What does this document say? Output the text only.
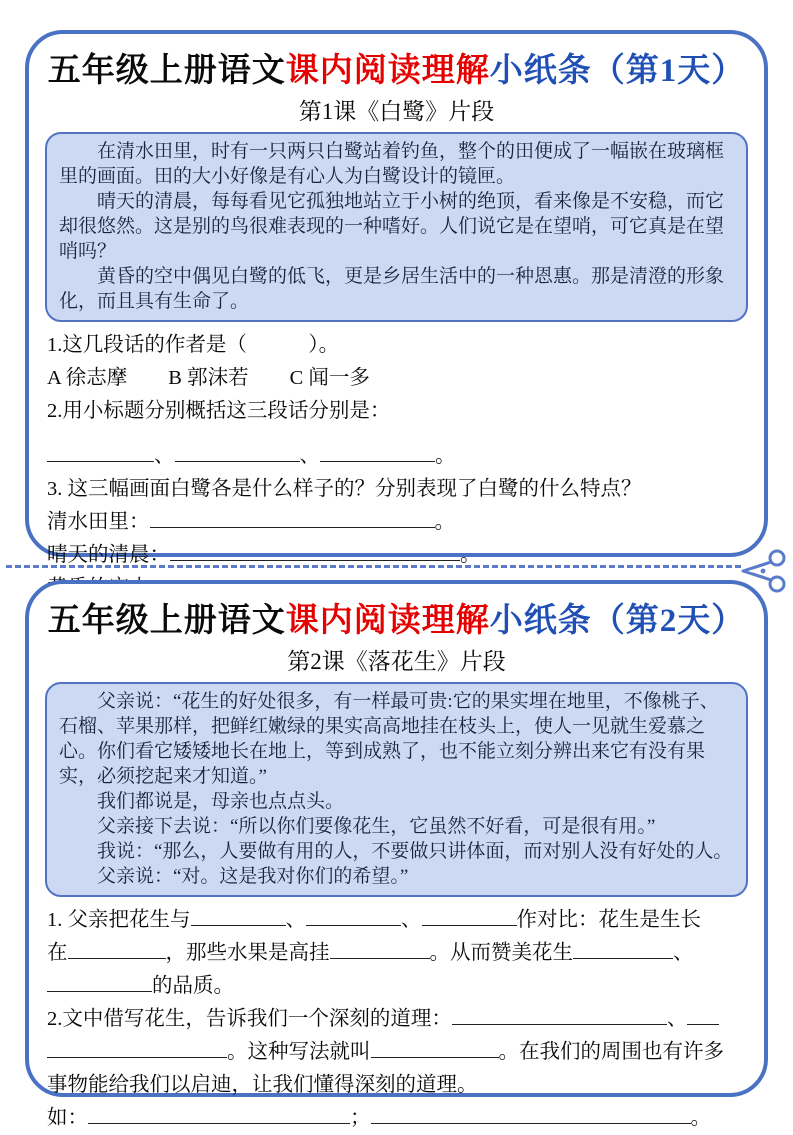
五年级上册语文课内阅读理解小纸条（第1天）
第1课《白鹭》片段

在清水田里，时有一只两只白鹭站着钓鱼，整个的田便成了一幅嵌在玻璃框里的画面。田的大小好像是有心人为白鹭设计的镜匣。

晴天的清晨，每每看见它孤独地站立于小树的绝顶，看来像是不安稳，而它却很悠然。这是别的鸟很难表现的一种嗜好。人们说它是在望哨，可它真是在望哨吗？

黄昏的空中偶见白鹭的低飞，更是乡居生活中的一种恩惠。那是清澄的形象化，而且具有生命了。

1.这几段话的作者是（　　　）。
A 徐志摩　　B 郭沫若　　C 闻一多
2.用小标题分别概括这三段话分别是：
、	、	。
3. 这三幅画面白鹭各是什么样子的？分别表现了白鹭的什么特点？
清水田里：	。
晴天的清晨：	。
五年级上册语文课内阅读理解小纸条（第2天）
第2课《落花生》片段

父亲说：“花生的好处很多，有一样最可贵:它的果实埋在地里，不像桃子、石榴、苹果那样，把鲜红嫩绿的果实高高地挂在枝头上，使人一见就生爱慕之心。你们看它矮矮地长在地上，等到成熟了，也不能立刻分辨出来它有没有果实，必须挖起来才知道。”

我们都说是，母亲也点点头。

父亲接下去说：“所以你们要像花生，它虽然不好看，可是很有用。”

我说：“那么，人要做有用的人，不要做只讲体面，而对别人没有好处的人。

父亲说：“对。这是我对你们的希望。”

1. 父亲把花生与	、	、	作对比：花生是生长
在	，那些水果是高挂	。从而赞美花生	、
的品质。
2.文中借写花生，告诉我们一个深刻的道理：	、
。这种写法就叫	。在我们的周围也有许多
事物能给我们以启迪，让我们懂得深刻的道理。
如：	；	。
